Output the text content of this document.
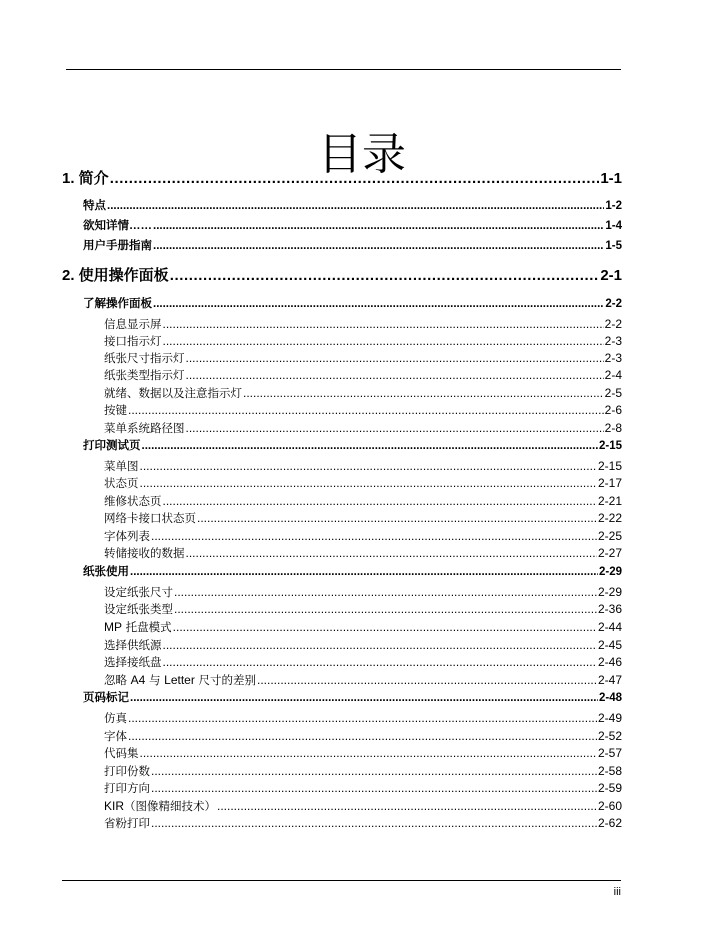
目录
1. 简介 .....	1-1
特点 .....	1-2
欲知详情…… .....	1-4
用户手册指南 .....	1-5
2. 使用操作面板 .....	2-1
了解操作面板 .....	2-2
信息显示屏 .....	2-2
接口指示灯 .....	2-3
纸张尺寸指示灯 .....	2-3
纸张类型指示灯 .....	2-4
就绪、数据以及注意指示灯 .....	2-5
按键 .....	2-6
菜单系统路径图 .....	2-8
打印测试页 .....	2-15
菜单图 .....	2-15
状态页 .....	2-17
维修状态页 .....	2-21
网络卡接口状态页 .....	2-22
字体列表 .....	2-25
转储接收的数据 .....	2-27
纸张使用 .....	2-29
设定纸张尺寸 .....	2-29
设定纸张类型 .....	2-36
MP 托盘模式 .....	2-44
选择供纸源 .....	2-45
选择接纸盘 .....	2-46
忽略 A4 与 Letter 尺寸的差别 .....	2-47
页码标记 .....	2-48
仿真 .....	2-49
字体 .....	2-52
代码集 .....	2-57
打印份数 .....	2-58
打印方向 .....	2-59
KIR（图像精细技术） .....	2-60
省粉打印 .....	2-62
iii
